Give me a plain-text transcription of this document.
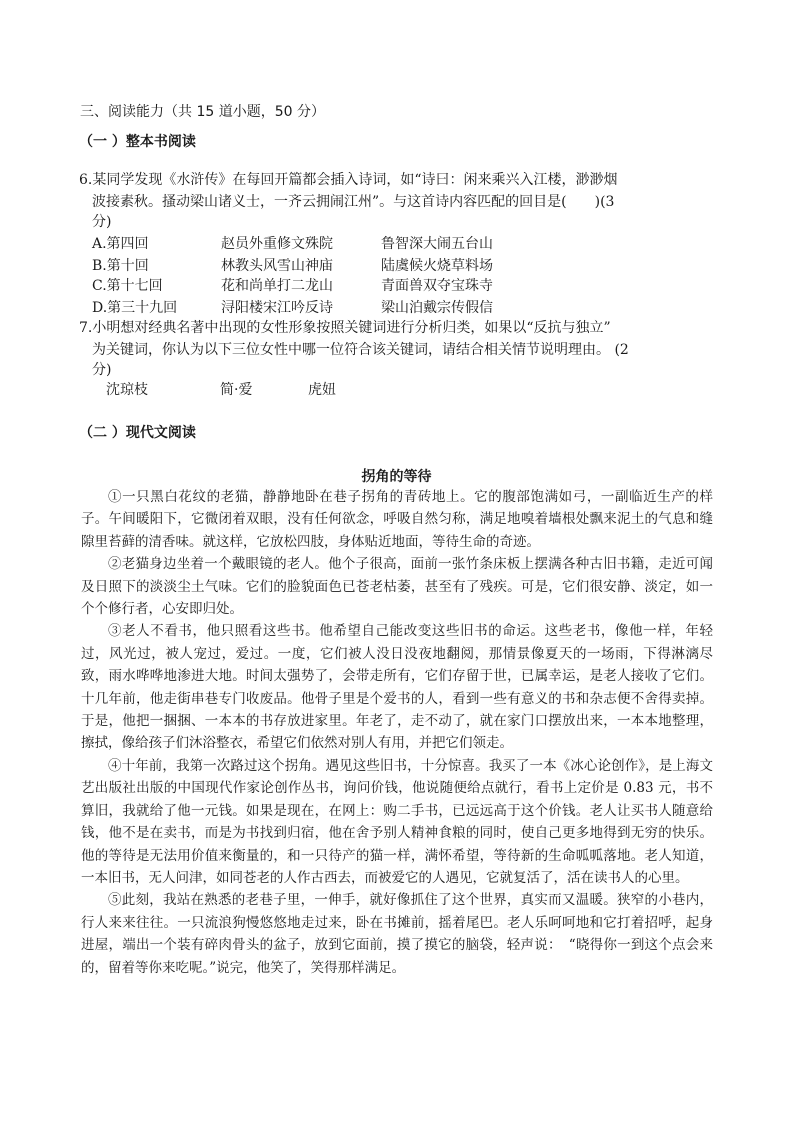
三、阅读能力（共 15 道小题，50 分）
（一 ）整本书阅读
6.某同学发现《水浒传》在每回开篇都会插入诗词，如“诗曰：闲来乘兴入江楼，渺渺烟
波接素秋。搔动梁山诸义士，一齐云拥闹江州”。与这首诗内容匹配的回目是(　　)(3
分)
A.第四回	赵员外重修文殊院	鲁智深大闹五台山
B.第十回	林教头风雪山神庙	陆虞候火烧草料场
C.第十七回	花和尚单打二龙山	青面兽双夺宝珠寺
D.第三十九回	浔阳楼宋江吟反诗	梁山泊戴宗传假信
7.小明想对经典名著中出现的女性形象按照关键词进行分析归类，如果以“反抗与独立”
为关键词，你认为以下三位女性中哪一位符合该关键词，请结合相关情节说明理由。 (2
分)
沈琼枝	简·爱	虎妞
（二 ）现代文阅读
拐角的等待

①一只黑白花纹的老猫，静静地卧在巷子拐角的青砖地上。它的腹部饱满如弓，一副临近生产的样子。午间暖阳下，它微闭着双眼，没有任何欲念，呼吸自然匀称，满足地嗅着墙根处飘来泥土的气息和缝隙里苔藓的清香味。就这样，它放松四肢，身体贴近地面，等待生命的奇迹。

②老猫身边坐着一个戴眼镜的老人。他个子很高，面前一张竹条床板上摆满各种古旧书籍，走近可闻及日照下的淡淡尘土气味。它们的脸貌面色已苍老枯萎，甚至有了残疾。可是，它们很安静、淡定，如一个个修行者，心安即归处。

③老人不看书，他只照看这些书。他希望自己能改变这些旧书的命运。这些老书，像他一样，年轻过，风光过，被人宠过，爱过。一度，它们被人没日没夜地翻阅，那情景像夏天的一场雨，下得淋漓尽致，雨水哗哗地渗进大地。时间太强势了，会带走所有，它们存留于世，已属幸运，是老人接收了它们。十几年前，他走街串巷专门收废品。他骨子里是个爱书的人，看到一些有意义的书和杂志便不舍得卖掉。于是，他把一捆捆、一本本的书存放进家里。年老了，走不动了，就在家门口摆放出来，一本本地整理，擦拭，像给孩子们沐浴整衣，希望它们依然对别人有用，并把它们领走。

④十年前，我第一次路过这个拐角。遇见这些旧书，十分惊喜。我买了一本《冰心论创作》，是上海文艺出版社出版的中国现代作家论创作丛书，询问价钱，他说随便给点就行，看书上定价是 0.83 元，书不算旧，我就给了他一元钱。如果是现在，在网上：购二手书，已远远高于这个价钱。老人让买书人随意给钱，他不是在卖书，而是为书找到归宿，他在舍予别人精神食粮的同时，使自己更多地得到无穷的快乐。他的等待是无法用价值来衡量的，和一只待产的猫一样，满怀希望，等待新的生命呱呱落地。老人知道，一本旧书，无人问津，如同苍老的人作古西去，而被爱它的人遇见，它就复活了，活在读书人的心里。

⑤此刻，我站在熟悉的老巷子里，一伸手，就好像抓住了这个世界，真实而又温暖。狭窄的小巷内，行人来来往往。一只流浪狗慢悠悠地走过来，卧在书摊前，摇着尾巴。老人乐呵呵地和它打着招呼，起身进屋，端出一个装有碎肉骨头的盆子，放到它面前，摸了摸它的脑袋，轻声说：　“晓得你一到这个点会来的，留着等你来吃呢。”说完，他笑了，笑得那样满足。
